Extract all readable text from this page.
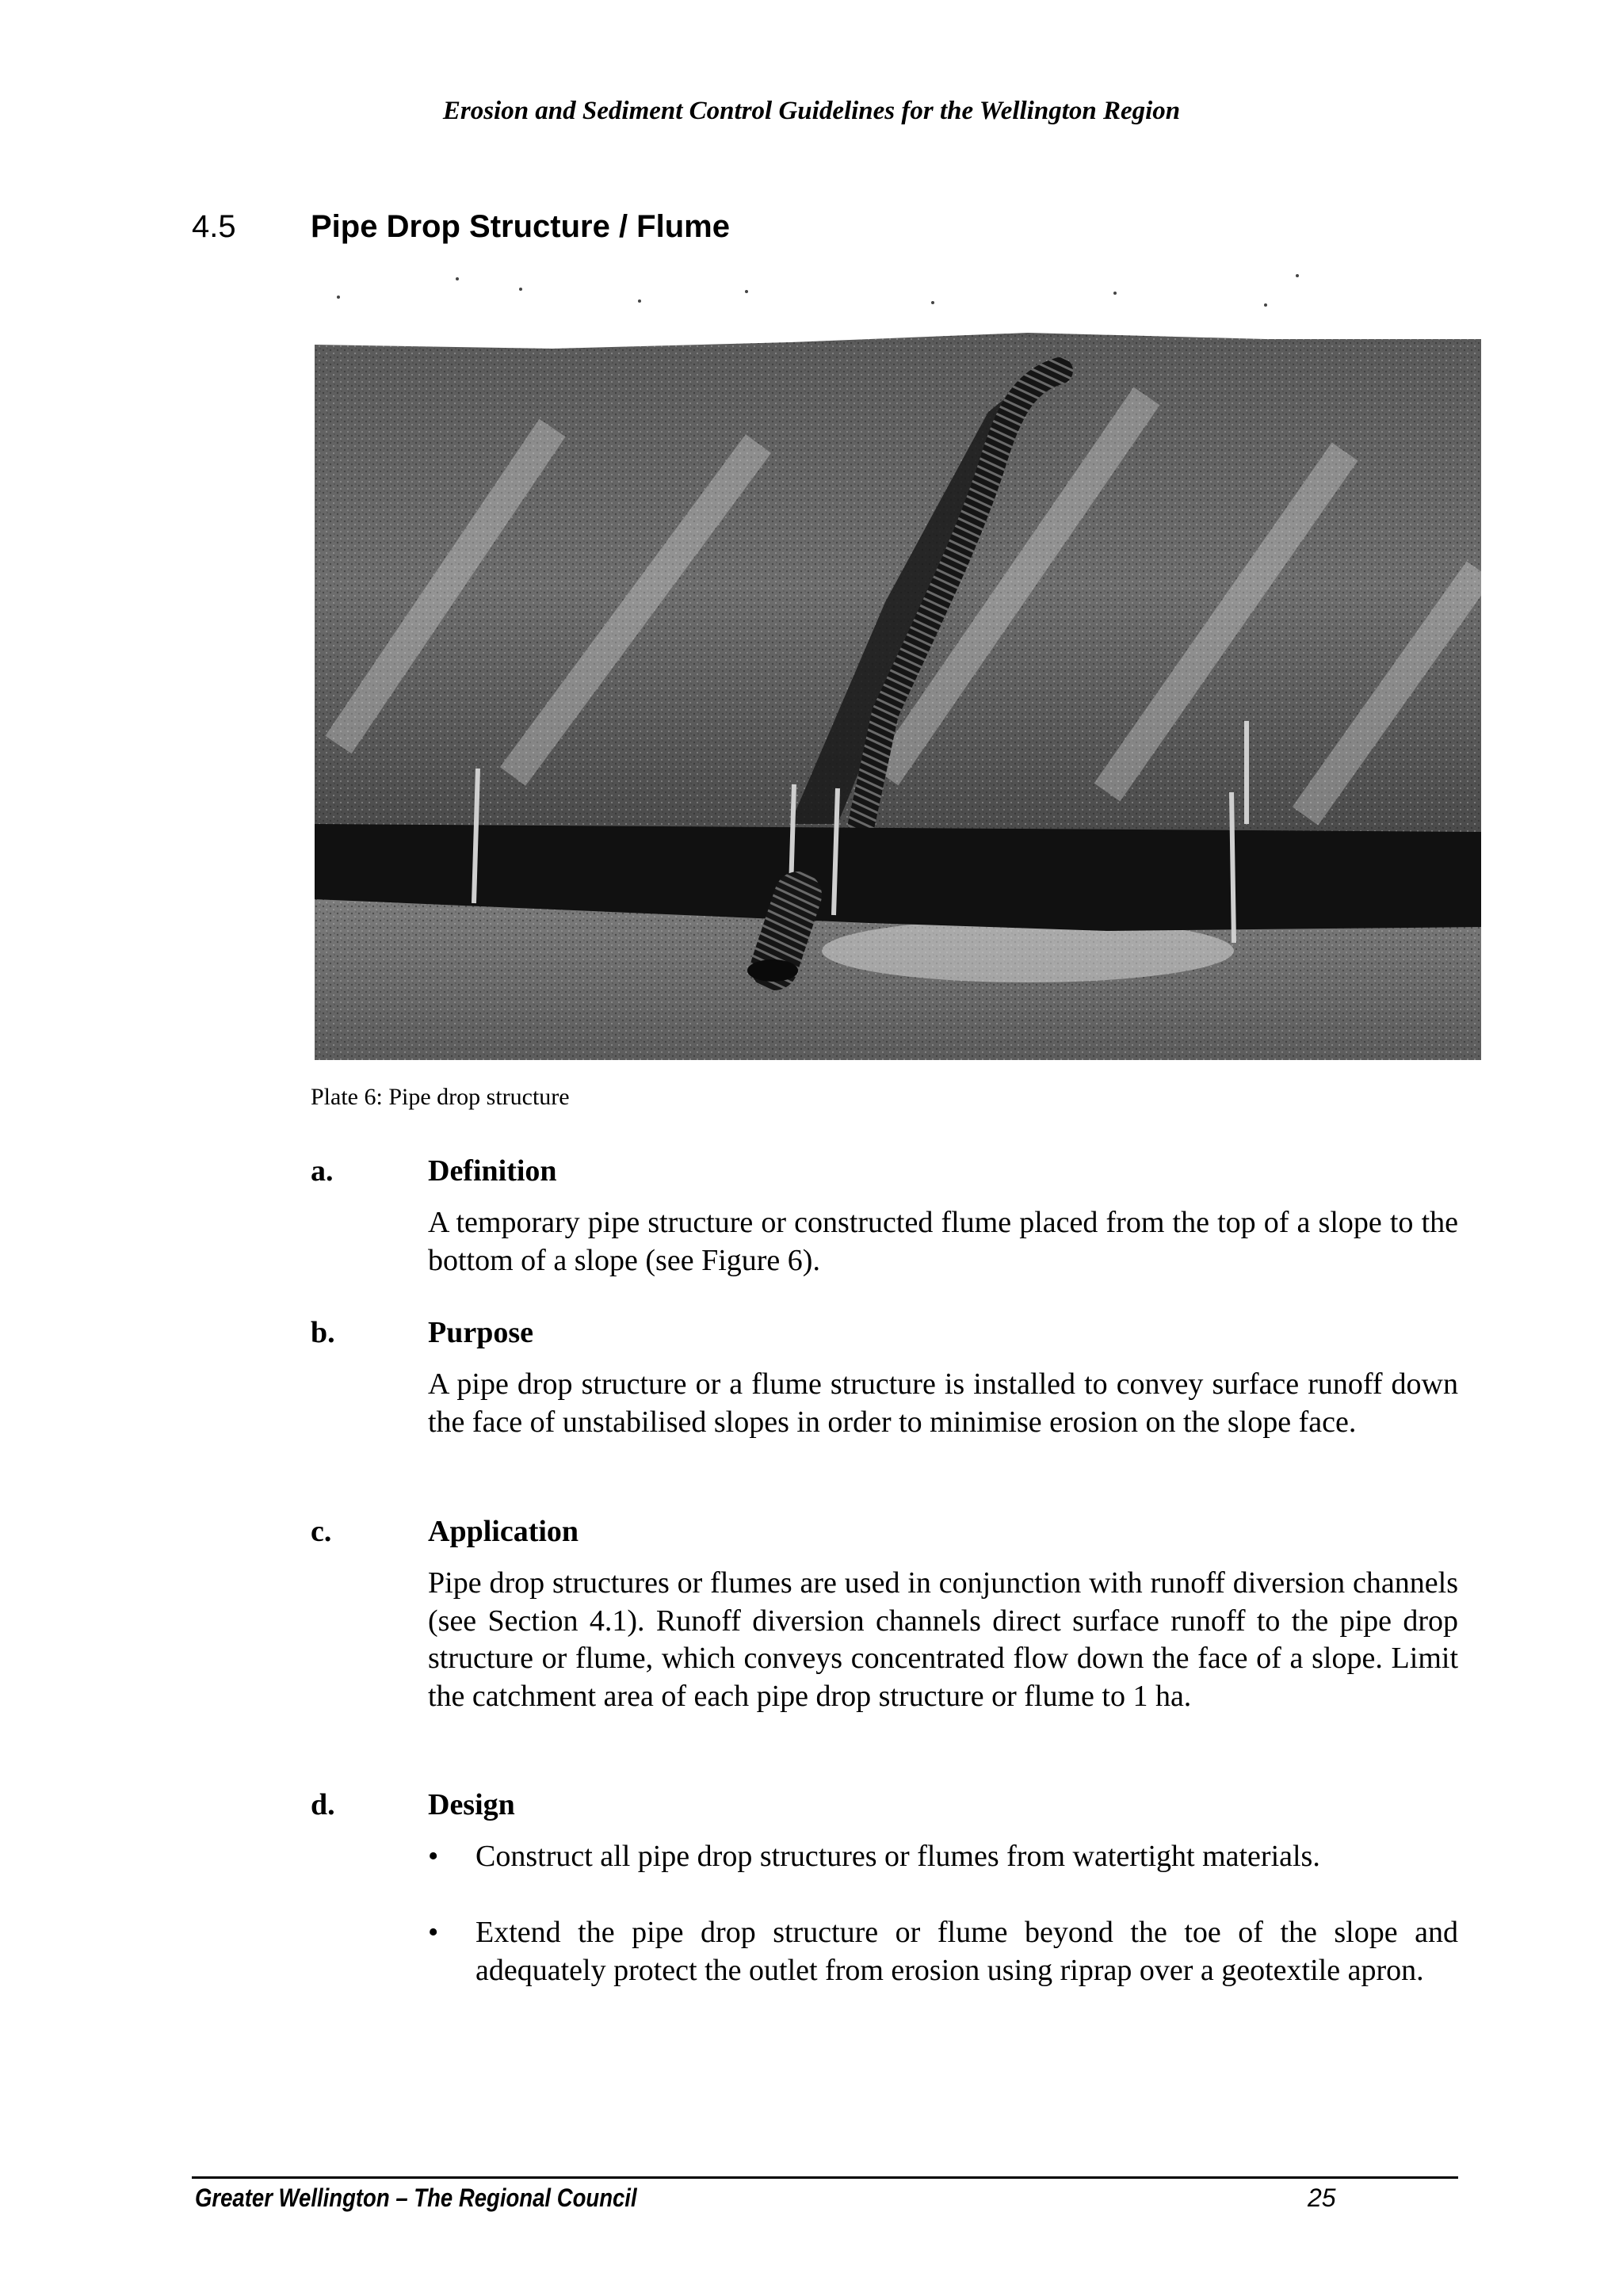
Erosion and Sediment Control Guidelines for the Wellington Region
4.5 Pipe Drop Structure / Flume
Plate 6: Pipe drop structure
a.	Definition
A temporary pipe structure or constructed flume placed from the top of a slope to the bottom of a slope (see Figure 6).
b.	Purpose
A pipe drop structure or a flume structure is installed to convey surface runoff down the face of unstabilised slopes in order to minimise erosion on the slope face.
c.	Application
Pipe drop structures or flumes are used in conjunction with runoff diversion channels (see Section 4.1). Runoff diversion channels direct surface runoff to the pipe drop structure or flume, which conveys concentrated flow down the face of a slope. Limit the catchment area of each pipe drop structure or flume to 1 ha.
d.	Design
• Construct all pipe drop structures or flumes from watertight materials.
• Extend the pipe drop structure or flume beyond the toe of the slope and adequately protect the outlet from erosion using riprap over a geotextile apron.
Greater Wellington – The Regional Council	25
